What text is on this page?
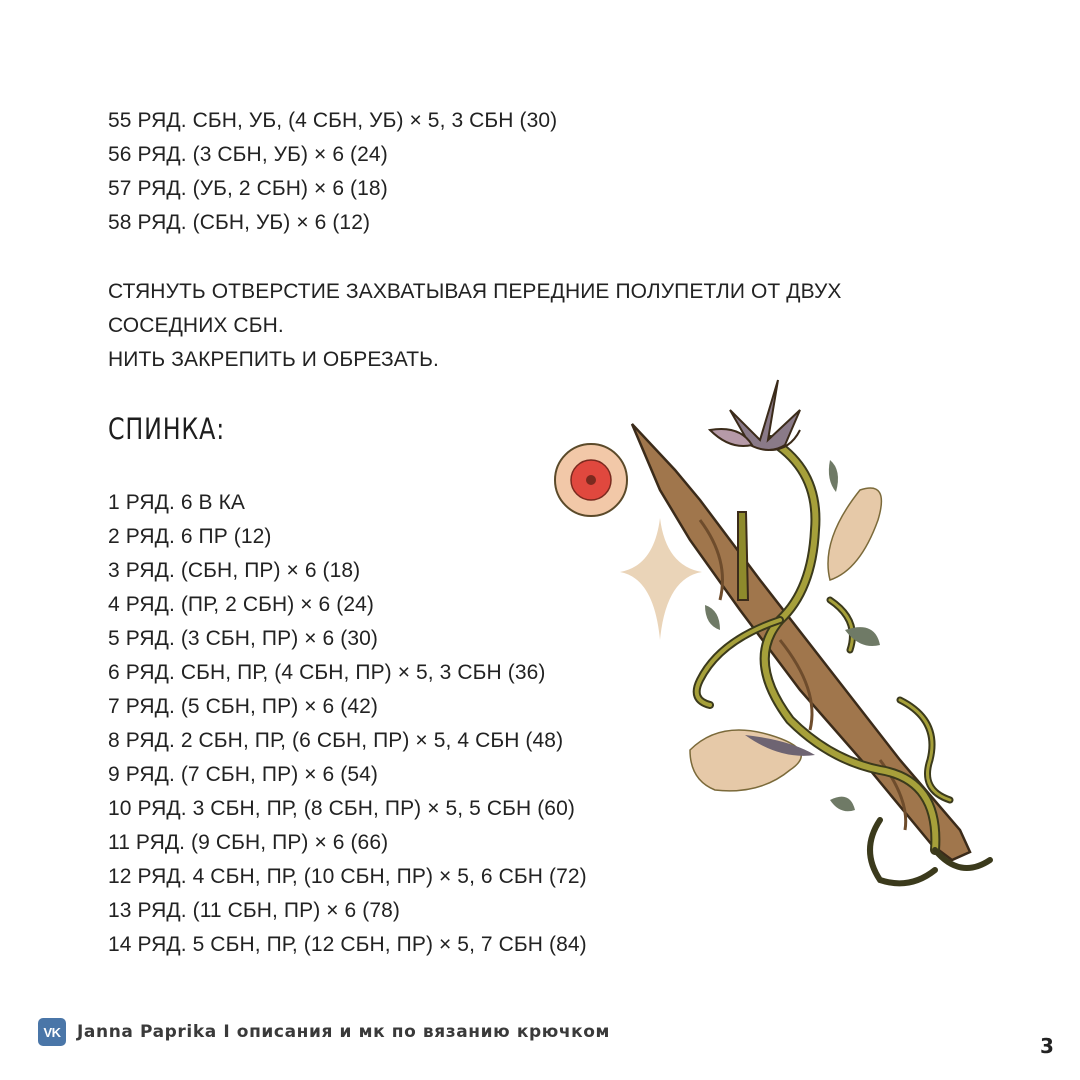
55 РЯД. СБН, УБ, (4 СБН, УБ) × 5, 3 СБН (30)
56 РЯД. (3 СБН, УБ) × 6 (24)
57 РЯД. (УБ, 2 СБН) × 6 (18)
58 РЯД. (СБН, УБ) × 6 (12)
СТЯНУТЬ ОТВЕРСТИЕ ЗАХВАТЫВАЯ ПЕРЕДНИЕ ПОЛУПЕТЛИ ОТ ДВУХ
СОСЕДНИХ СБН.
НИТЬ ЗАКРЕПИТЬ И ОБРЕЗАТЬ.
СПИНКА:
1 РЯД. 6 В КА
2 РЯД. 6 ПР (12)
3 РЯД. (СБН, ПР) × 6 (18)
4 РЯД. (ПР, 2 СБН) × 6 (24)
5 РЯД. (3 СБН, ПР) × 6 (30)
6 РЯД. СБН, ПР, (4 СБН, ПР) × 5, 3 СБН (36)
7 РЯД. (5 СБН, ПР) × 6 (42)
8 РЯД. 2 СБН, ПР, (6 СБН, ПР) × 5, 4 СБН (48)
9 РЯД. (7 СБН, ПР) × 6 (54)
10 РЯД. 3 СБН, ПР, (8 СБН, ПР) × 5, 5 СБН (60)
11 РЯД. (9 СБН, ПР) × 6 (66)
12 РЯД. 4 СБН, ПР, (10 СБН, ПР) × 5, 6 СБН (72)
13 РЯД. (11 СБН, ПР) × 6 (78)
14 РЯД. 5 СБН, ПР, (12 СБН, ПР) × 5, 7 СБН (84)
VK Janna Paprika I описания и мк по вязанию крючком
3
